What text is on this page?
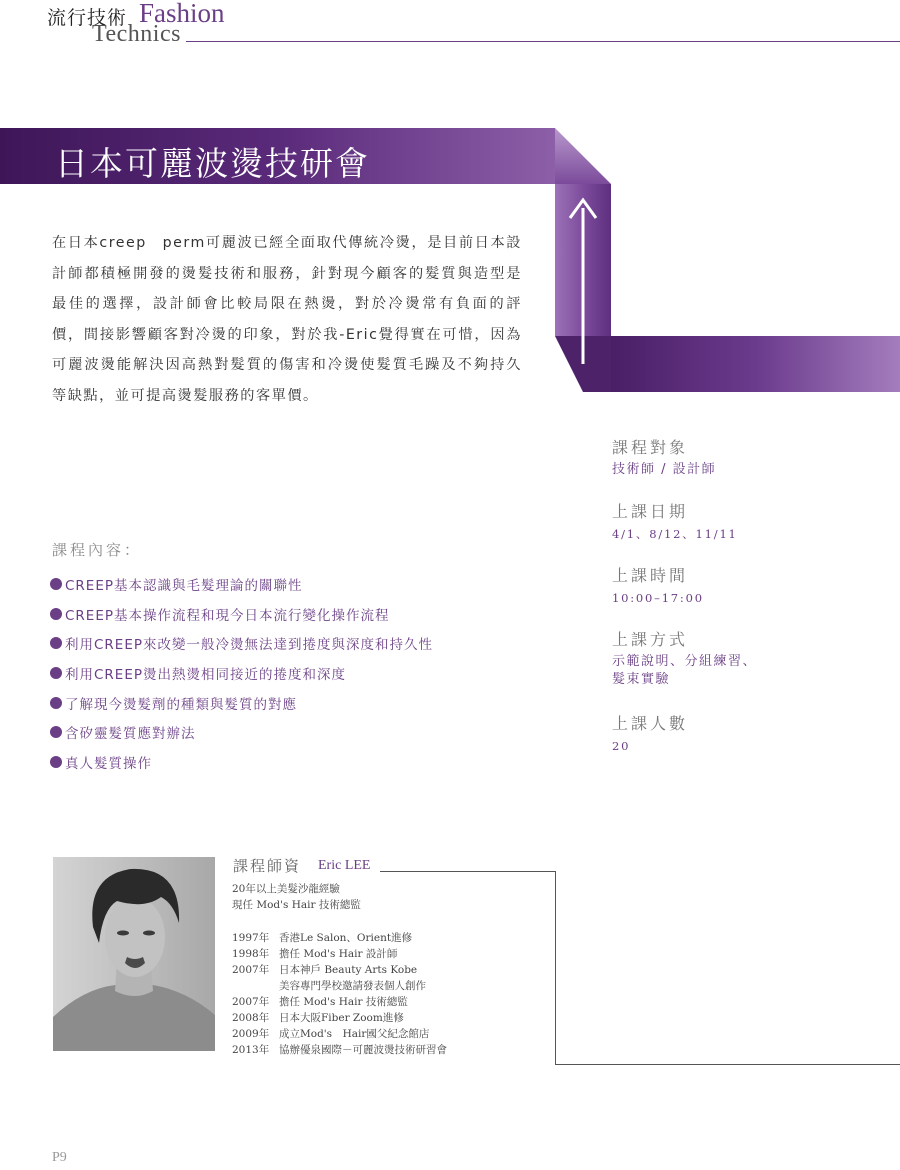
流行技術 Fashion
Technics
日本可麗波燙技研會

在日本creep　perm可麗波已經全面取代傳統冷燙，是目前日本設計師都積極開發的燙髮技術和服務，針對現今顧客的髮質與造型是最佳的選擇，設計師會比較局限在熱燙，對於冷燙常有負面的評價，間接影響顧客對冷燙的印象，對於我-Eric覺得實在可惜，因為可麗波燙能解決因高熱對髮質的傷害和冷燙使髮質毛躁及不夠持久等缺點，並可提高燙髮服務的客單價。

課程內容：
CREEP基本認識與毛髮理論的關聯性
CREEP基本操作流程和現今日本流行變化操作流程
利用CREEP來改變一般冷燙無法達到捲度與深度和持久性
利用CREEP燙出熱燙相同接近的捲度和深度
了解現今燙髮劑的種類與髮質的對應
含矽靈髮質應對辦法
真人髮質操作
課程對象
技術師 / 設計師
上課日期
4/1、8/12、11/11
上課時間
10:00–17:00
上課方式
示範說明、分組練習、
髮束實驗
上課人數
20
課程師資 Eric LEE
20年以上美髮沙龍經驗
現任 Mod's Hair 技術總監
1997年 香港Le Salon、Orient進修
1998年 擔任 Mod's Hair 設計師
2007年 日本神戶 Beauty Arts Kobe
美容專門學校邀請發表個人創作
2007年 擔任 Mod's Hair 技術總監
2008年 日本大阪Fiber Zoom進修
2009年 成立Mod's　Hair國父紀念館店
2013年 協辦優泉國際－可麗波燙技術研習會
P9
